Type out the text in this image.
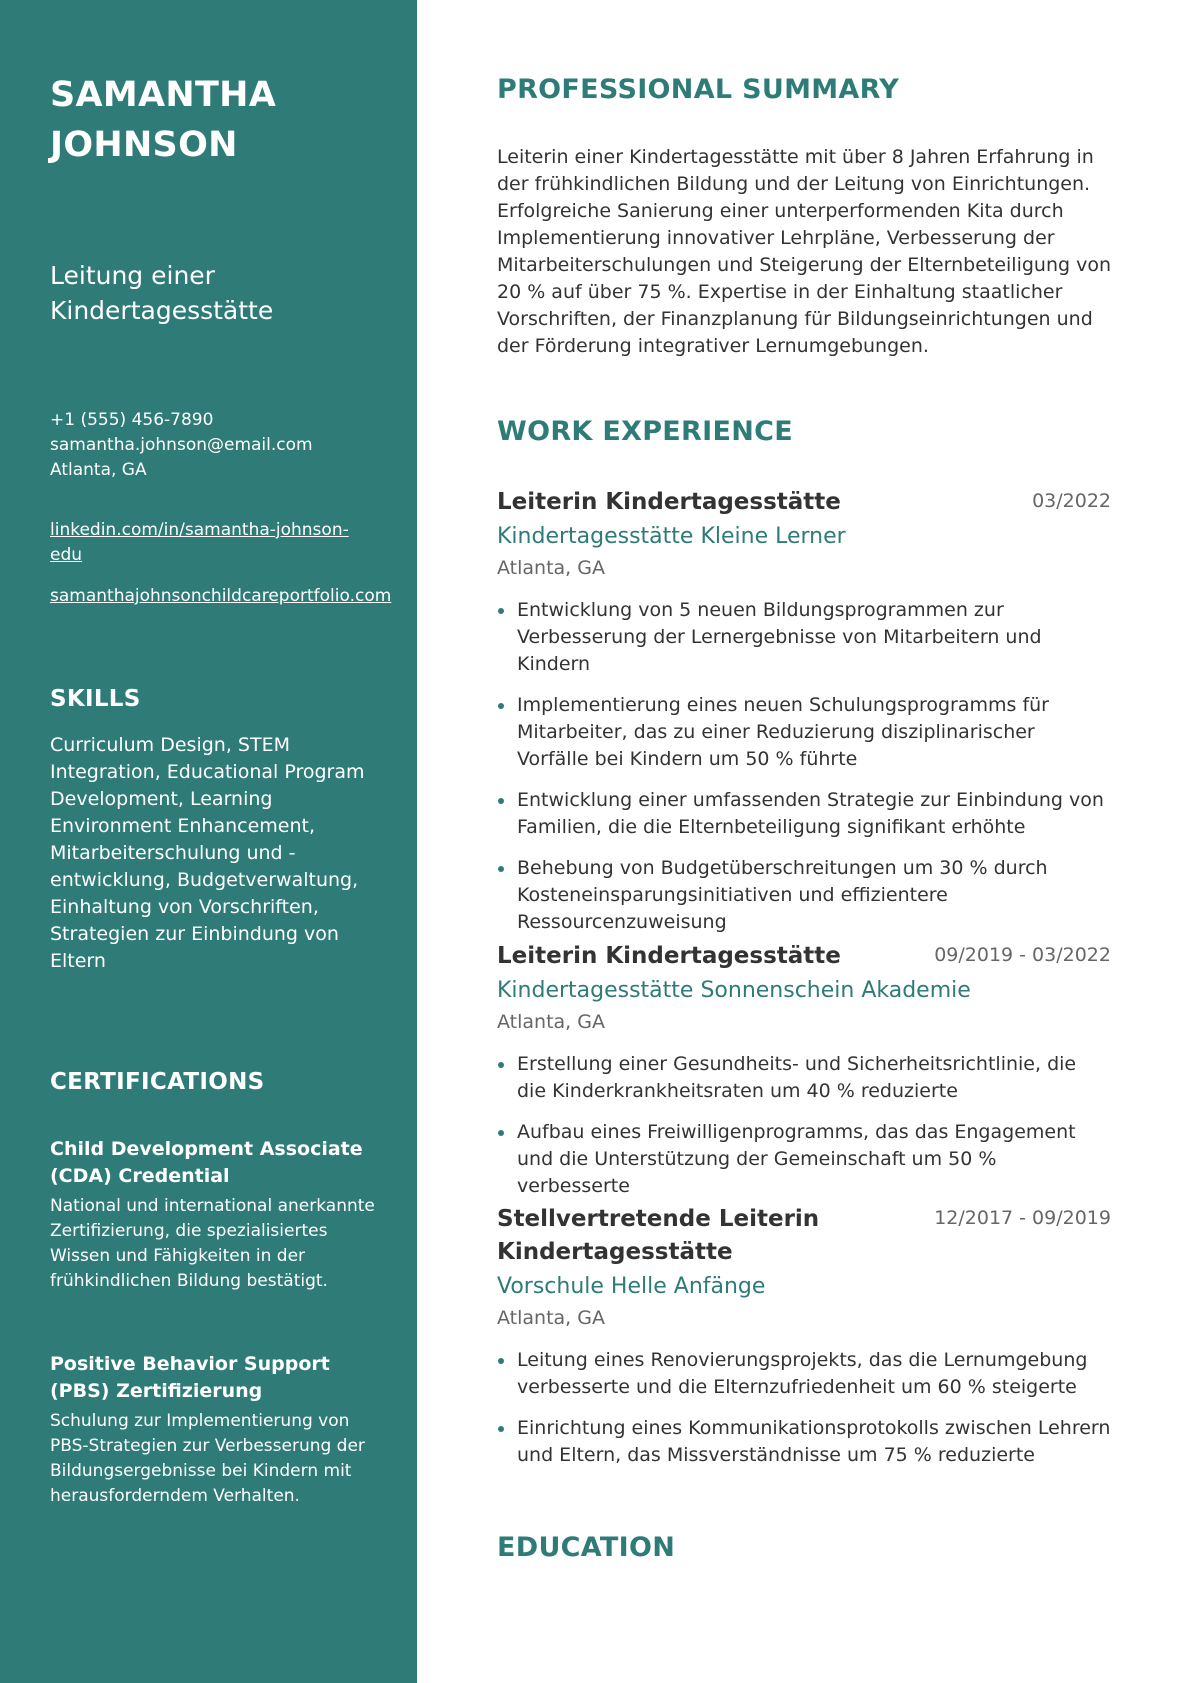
SAMANTHA JOHNSON
Leitung einer Kindertagesstätte
+1 (555) 456-7890
samantha.johnson@email.com
Atlanta, GA
linkedin.com/in/samantha-johnson-edu
samanthajohnsonchildcareportfolio.com
SKILLS
Curriculum Design, STEM Integration, Educational Program Development, Learning Environment Enhancement, Mitarbeiterschulung und -entwicklung, Budgetverwaltung, Einhaltung von Vorschriften, Strategien zur Einbindung von Eltern
CERTIFICATIONS
Child Development Associate (CDA) Credential
National und international anerkannte Zertifizierung, die spezialisiertes Wissen und Fähigkeiten in der frühkindlichen Bildung bestätigt.
Positive Behavior Support (PBS) Zertifizierung
Schulung zur Implementierung von PBS-Strategien zur Verbesserung der Bildungsergebnisse bei Kindern mit herausforderndem Verhalten.
PROFESSIONAL SUMMARY
Leiterin einer Kindertagesstätte mit über 8 Jahren Erfahrung in der frühkindlichen Bildung und der Leitung von Einrichtungen. Erfolgreiche Sanierung einer unterperformenden Kita durch Implementierung innovativer Lehrpläne, Verbesserung der Mitarbeiterschulungen und Steigerung der Elternbeteiligung von 20 % auf über 75 %. Expertise in der Einhaltung staatlicher Vorschriften, der Finanzplanung für Bildungseinrichtungen und der Förderung integrativer Lernumgebungen.
WORK EXPERIENCE
Leiterin Kindertagesstätte	03/2022
Kindertagesstätte Kleine Lerner
Atlanta, GA
Entwicklung von 5 neuen Bildungsprogrammen zur Verbesserung der Lernergebnisse von Mitarbeitern und Kindern
Implementierung eines neuen Schulungsprogramms für Mitarbeiter, das zu einer Reduzierung disziplinarischer Vorfälle bei Kindern um 50 % führte
Entwicklung einer umfassenden Strategie zur Einbindung von Familien, die die Elternbeteiligung signifikant erhöhte
Behebung von Budgetüberschreitungen um 30 % durch Kosteneinsparungsinitiativen und effizientere Ressourcenzuweisung
Leiterin Kindertagesstätte	09/2019 - 03/2022
Kindertagesstätte Sonnenschein Akademie
Atlanta, GA
Erstellung einer Gesundheits- und Sicherheitsrichtlinie, die die Kinderkrankheitsraten um 40 % reduzierte
Aufbau eines Freiwilligenprogramms, das das Engagement und die Unterstützung der Gemeinschaft um 50 % verbesserte
Stellvertretende Leiterin Kindertagesstätte
12/2017 - 09/2019
Vorschule Helle Anfänge
Atlanta, GA
Leitung eines Renovierungsprojekts, das die Lernumgebung verbesserte und die Elternzufriedenheit um 60 % steigerte
Einrichtung eines Kommunikationsprotokolls zwischen Lehrern und Eltern, das Missverständnisse um 75 % reduzierte
EDUCATION
